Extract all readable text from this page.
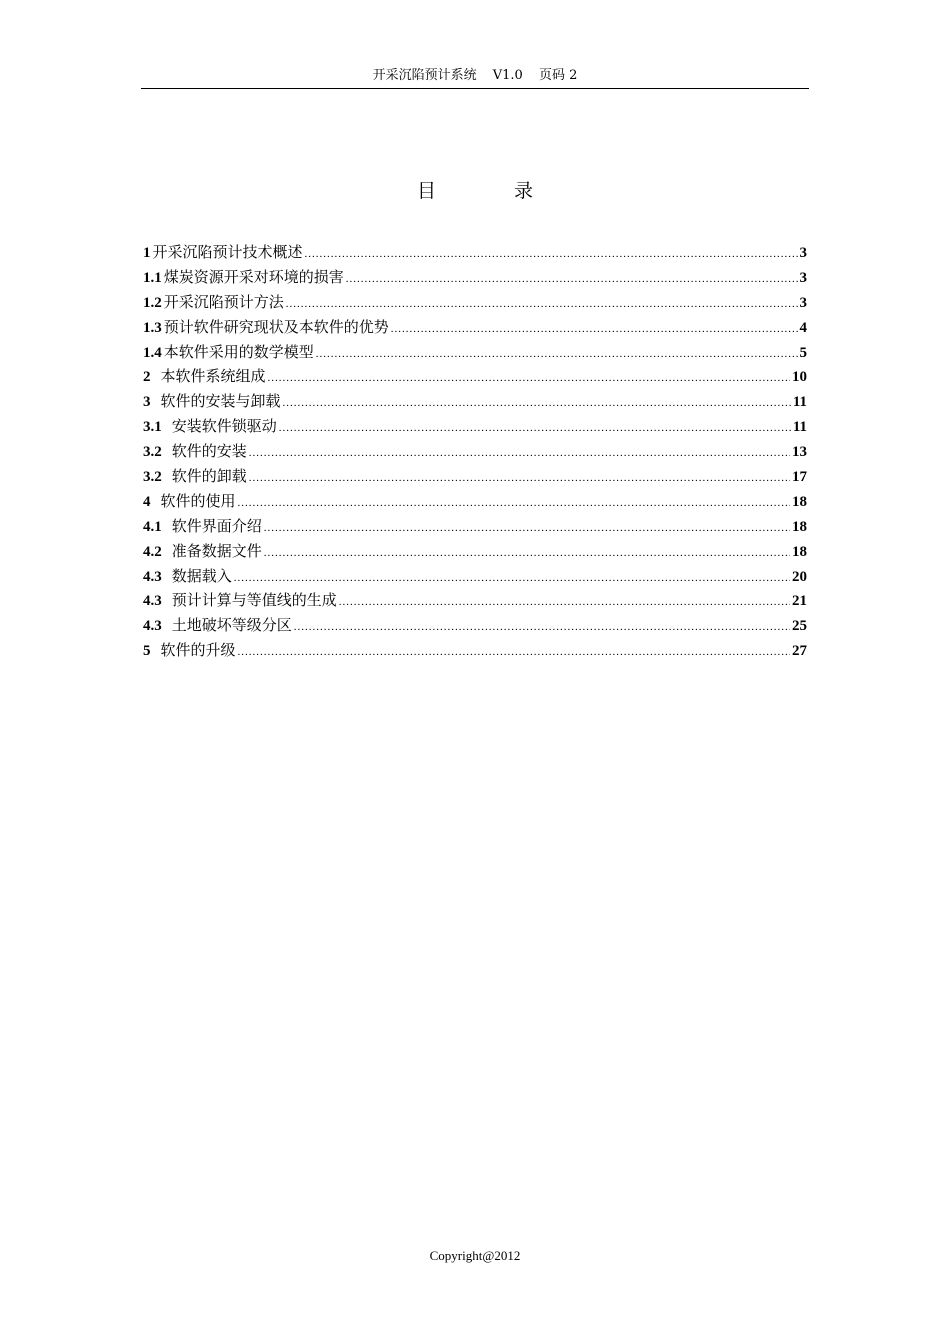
开采沉陷预计系统 V1.0 页码 2
目 录
1 开采沉陷预计技术概述 .....	3
1.1 煤炭资源开采对环境的损害 .....	3
1.2 开采沉陷预计方法 .....	3
1.3 预计软件研究现状及本软件的优势 .....	4
1.4 本软件采用的数学模型 .....	5
2 本软件系统组成 .....	10
3 软件的安装与卸载 .....	11
3.1 安装软件锁驱动 .....	11
3.2 软件的安装 .....	13
3.2 软件的卸载 .....	17
4 软件的使用 .....	18
4.1 软件界面介绍 .....	18
4.2 准备数据文件 .....	18
4.3 数据载入 .....	20
4.3 预计计算与等值线的生成 .....	21
4.3 土地破坏等级分区 .....	25
5 软件的升级 .....	27
Copyright@2012
